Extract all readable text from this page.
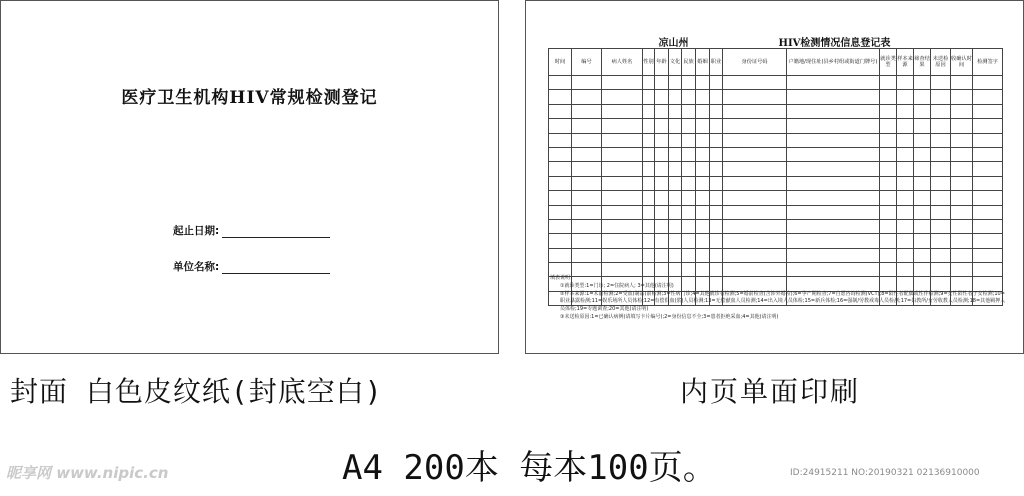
医疗卫生机构HIV常规检测登记
起止日期:
单位名称:
凉山州	HIV检测情况信息登记表
时间	编号	病人姓名	性别	年龄	文化	民族	婚姻	职业	身份证号码	户籍地/现住址(县乡村组或街道门牌号)	就诊类型	样本来源	筛查结果	未送检原因	收确认时间	检测签字

填表说明：

①就诊类型:1=门诊; 2=住院病人; 3=其他(请注明)

②样本来源:1=术前检测;2=受血(制品)前检测;3=性病门诊;4=其他就诊者检测;5=婚前检查(含涉外婚检);6=孕产期检查;7=自愿咨询检测(VCT);8=阳性者配偶或性伴检测;9=女性阳性者子女检测;10=职业暴露检测;11=娱乐场所人员体检;12=有偿供血(浆)人员检测;13=无偿献血人员检测;14=出入境人员体检;15=新兵体检;16=强制/劳教戒毒人员检测;17=妇教所/女劳收教人员检测;18=其他羁押人员体检;19=专题调查;20=其他(请注明)

③未送检原因:1=已确认病例(请填写卡片编号);2=身份信息不全;3=患者拒绝采血;4=其他(请注明)

封面 白色皮纹纸(封底空白)	内页单面印刷
A4 200本 每本100页。
昵享网 www.nipic.cn	ID:24915211 NO:20190321 02136910000
